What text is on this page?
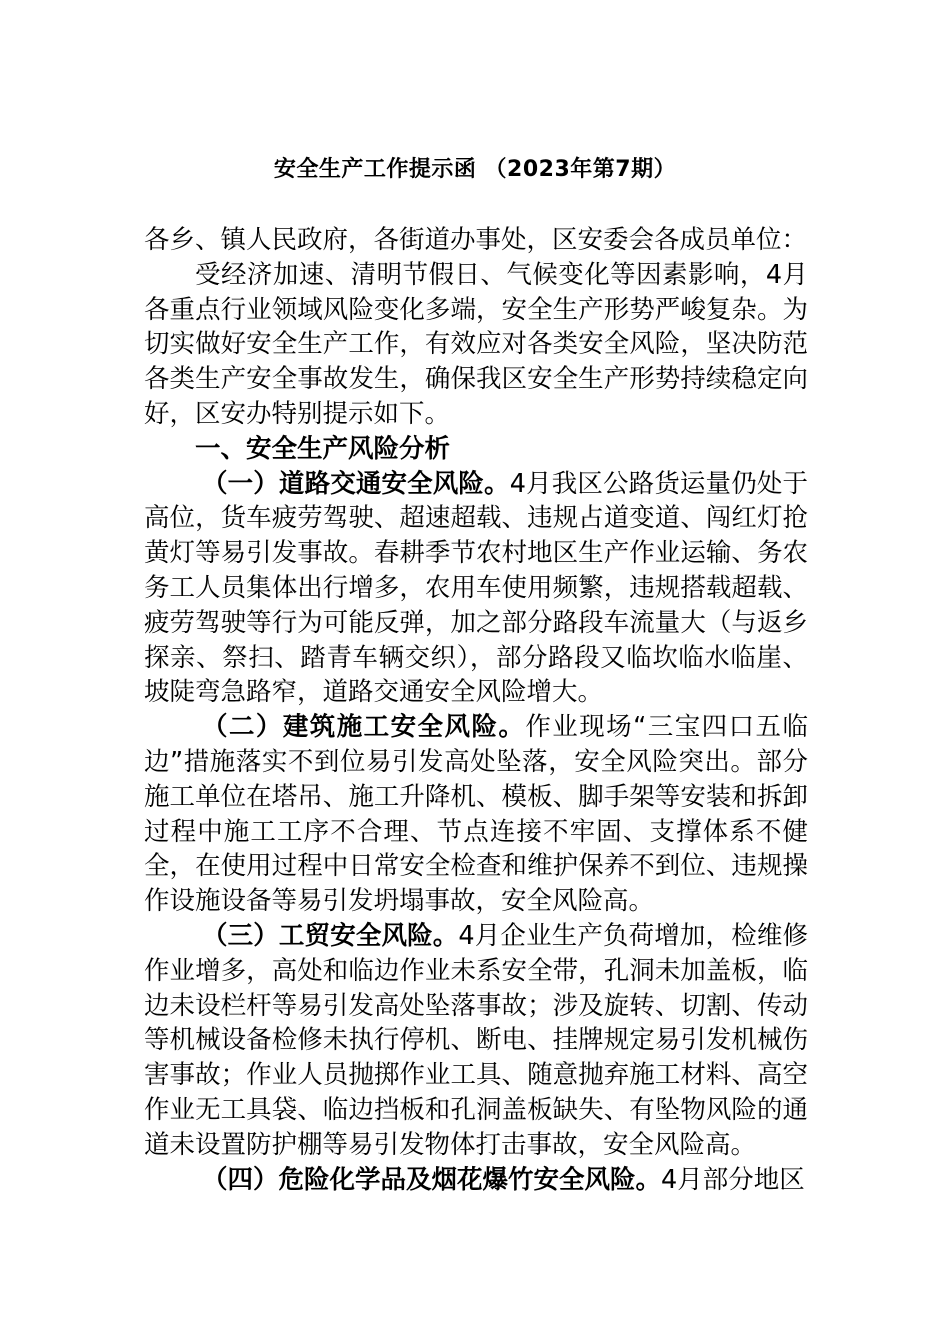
安全生产工作提示函 （2023年第7期）

各乡、镇人民政府，各街道办事处，区安委会各成员单位：

受经济加速、清明节假日、气候变化等因素影响，4月各重点行业领域风险变化多端，安全生产形势严峻复杂。为切实做好安全生产工作，有效应对各类安全风险，坚决防范各类生产安全事故发生，确保我区安全生产形势持续稳定向好，区安办特别提示如下。

一、安全生产风险分析

（一）道路交通安全风险。4月我区公路货运量仍处于高位，货车疲劳驾驶、超速超载、违规占道变道、闯红灯抢黄灯等易引发事故。春耕季节农村地区生产作业运输、务农务工人员集体出行增多，农用车使用频繁，违规搭载超载、疲劳驾驶等行为可能反弹，加之部分路段车流量大（与返乡探亲、祭扫、踏青车辆交织），部分路段又临坎临水临崖、坡陡弯急路窄，道路交通安全风险增大。

（二）建筑施工安全风险。作业现场“三宝四口五临边”措施落实不到位易引发高处坠落，安全风险突出。部分施工单位在塔吊、施工升降机、模板、脚手架等安装和拆卸过程中施工工序不合理、节点连接不牢固、支撑体系不健全，在使用过程中日常安全检查和维护保养不到位、违规操作设施设备等易引发坍塌事故，安全风险高。

（三）工贸安全风险。4月企业生产负荷增加，检维修作业增多，高处和临边作业未系安全带，孔洞未加盖板，临边未设栏杆等易引发高处坠落事故；涉及旋转、切割、传动等机械设备检修未执行停机、断电、挂牌规定易引发机械伤害事故；作业人员抛掷作业工具、随意抛弃施工材料、高空作业无工具袋、临边挡板和孔洞盖板缺失、有坠物风险的通道未设置防护棚等易引发物体打击事故，安全风险高。

（四）危险化学品及烟花爆竹安全风险。4月部分地区
